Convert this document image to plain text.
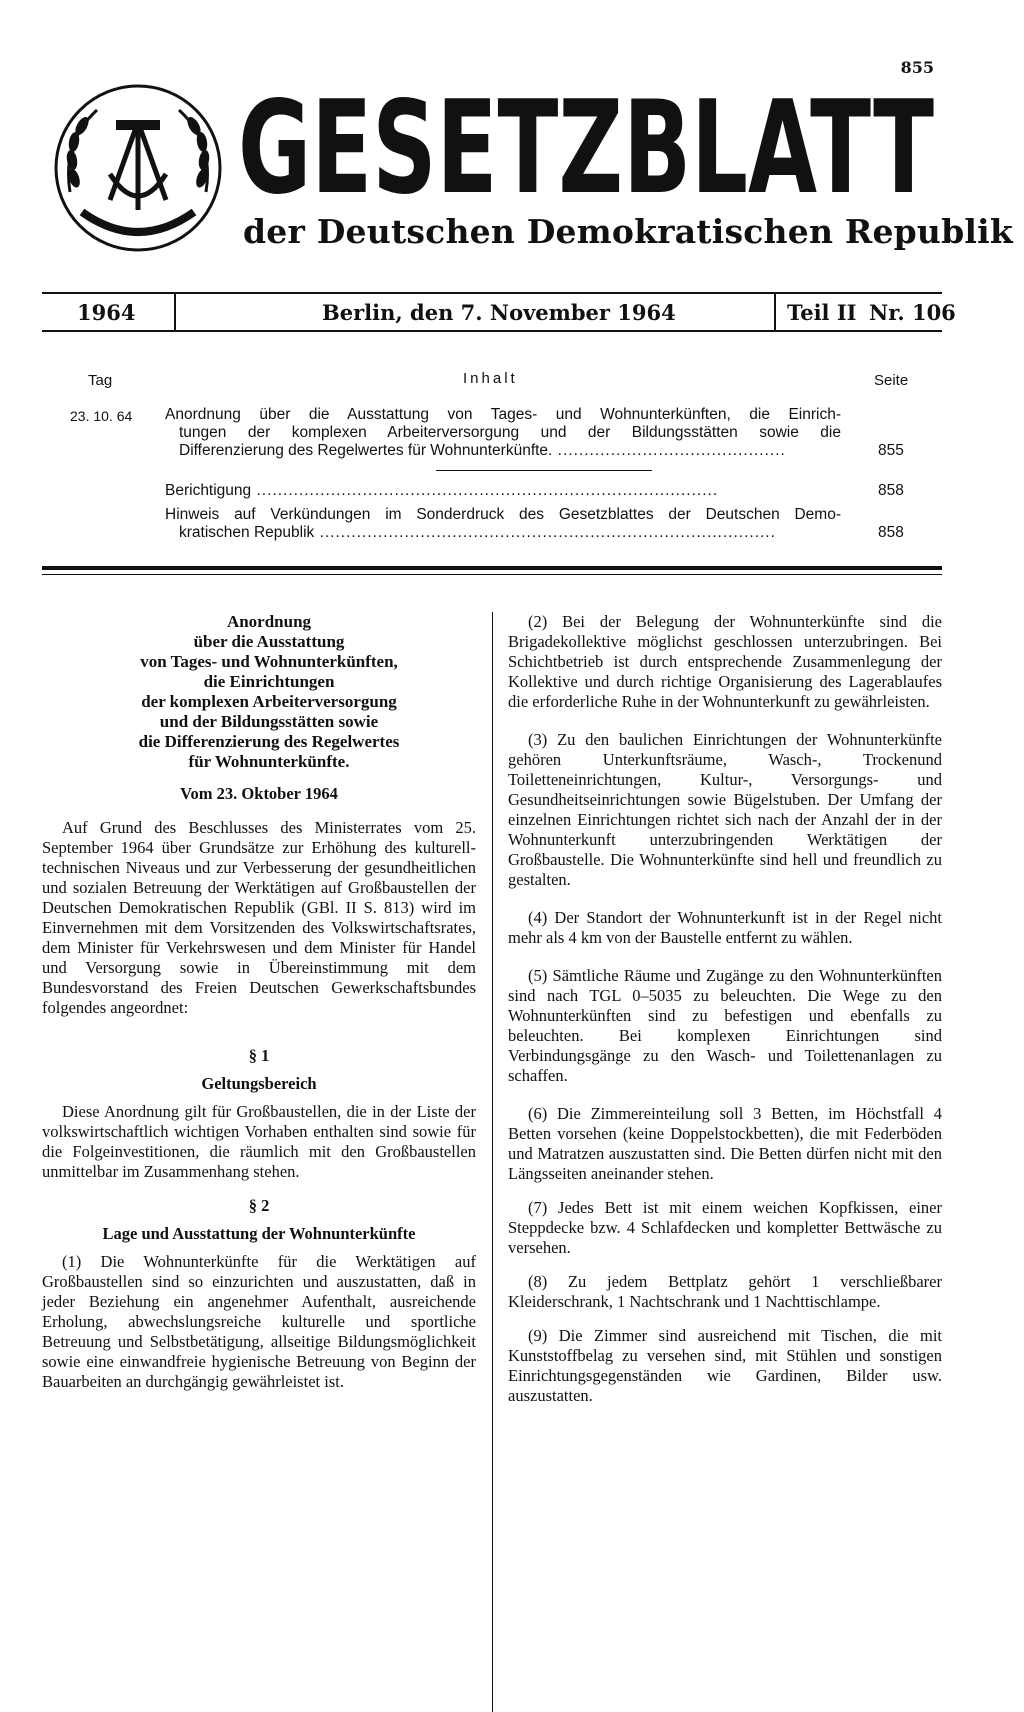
855
GESETZBLATT
der Deutschen Demokratischen Republik
1964	Berlin, den 7. November 1964	Teil II Nr. 106
Tag	Inhalt	Seite
23. 10. 64 Anordnung über die Ausstattung von Tages- und Wohnunterkünften, die Einrich-
tungen der komplexen Arbeiterversorgung und der Bildungsstätten sowie die
Differenzierung des Regelwertes für Wohnunterkünfte. ...........................................	855
Berichtigung .......................................................................................	858
Hinweis auf Verkündungen im Sonderdruck des Gesetzblattes der Deutschen Demo-
kratischen Republik ......................................................................................	858

Anordnung

über die Ausstattung

von Tages- und Wohnunterkünften,

die Einrichtungen

der komplexen Arbeiterversorgung

und der Bildungsstätten sowie

die Differenzierung des Regelwertes

für Wohnunterkünfte.

Vom 23. Oktober 1964

Auf Grund des Beschlusses des Ministerrates vom 25. September 1964 über Grundsätze zur Erhöhung des kulturell-technischen Niveaus und zur Verbesserung der gesundheitlichen und sozialen Betreuung der Werktätigen auf Großbaustellen der Deutschen Demokratischen Republik (GBl. II S. 813) wird im Einvernehmen mit dem Vorsitzenden des Volkswirtschaftsrates, dem Minister für Verkehrswesen und dem Minister für Handel und Versorgung sowie in Übereinstimmung mit dem Bundesvorstand des Freien Deutschen Gewerkschaftsbundes folgendes angeordnet:

§ 1

Geltungsbereich

Diese Anordnung gilt für Großbaustellen, die in der Liste der volkswirtschaftlich wichtigen Vorhaben enthalten sind sowie für die Folgeinvestitionen, die räumlich mit den Großbaustellen unmittelbar im Zusammenhang stehen.

§ 2

Lage und Ausstattung der Wohnunterkünfte

(1) Die Wohnunterkünfte für die Werktätigen auf Großbaustellen sind so einzurichten und auszustatten, daß in jeder Beziehung ein angenehmer Aufenthalt, ausreichende Erholung, abwechslungsreiche kulturelle und sportliche Betreuung und Selbstbetätigung, allseitige Bildungsmöglichkeit sowie eine einwandfreie hygienische Betreuung von Beginn der Bauarbeiten an durchgängig gewährleistet ist.

(2) Bei der Belegung der Wohnunterkünfte sind die Brigadekollektive möglichst geschlossen unterzubringen. Bei Schichtbetrieb ist durch entsprechende Zusammenlegung der Kollektive und durch richtige Organisierung des Lagerablaufes die erforderliche Ruhe in der Wohnunterkunft zu gewährleisten.

(3) Zu den baulichen Einrichtungen der Wohnunterkünfte gehören Unterkunftsräume, Wasch-, Trockenund Toiletteneinrichtungen, Kultur-, Versorgungs- und Gesundheitseinrichtungen sowie Bügelstuben. Der Umfang der einzelnen Einrichtungen richtet sich nach der Anzahl der in der Wohnunterkunft unterzubringenden Werktätigen der Großbaustelle. Die Wohnunterkünfte sind hell und freundlich zu gestalten.

(4) Der Standort der Wohnunterkunft ist in der Regel nicht mehr als 4 km von der Baustelle entfernt zu wählen.

(5) Sämtliche Räume und Zugänge zu den Wohnunterkünften sind nach TGL 0–5035 zu beleuchten. Die Wege zu den Wohnunterkünften sind zu befestigen und ebenfalls zu beleuchten. Bei komplexen Einrichtungen sind Verbindungsgänge zu den Wasch- und Toilettenanlagen zu schaffen.

(6) Die Zimmereinteilung soll 3 Betten, im Höchstfall 4 Betten vorsehen (keine Doppelstockbetten), die mit Federböden und Matratzen auszustatten sind. Die Betten dürfen nicht mit den Längsseiten aneinander stehen.

(7) Jedes Bett ist mit einem weichen Kopfkissen, einer Steppdecke bzw. 4 Schlafdecken und kompletter Bettwäsche zu versehen.

(8) Zu jedem Bettplatz gehört 1 verschließbarer Kleiderschrank, 1 Nachtschrank und 1 Nachttischlampe.

(9) Die Zimmer sind ausreichend mit Tischen, die mit Kunststoffbelag zu versehen sind, mit Stühlen und sonstigen Einrichtungsgegenständen wie Gardinen, Bilder usw. auszustatten.
